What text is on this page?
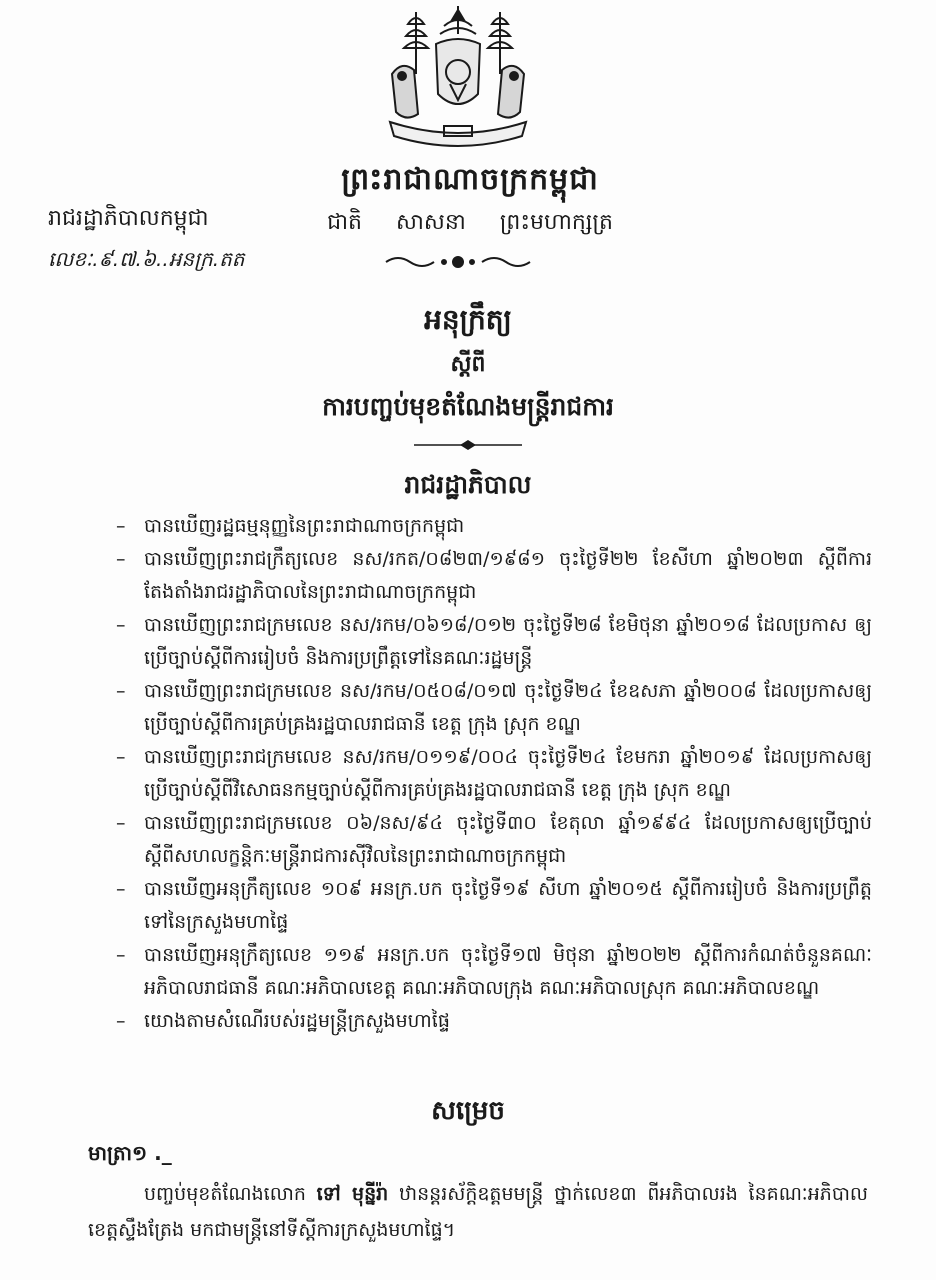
ព្រះរាជាណាចក្រកម្ពុជា
ជាតិ សាសនា ព្រះមហាក្សត្រ
រាជរដ្ឋាភិបាលកម្ពុជា
លេខៈ.៩.៧.៦..អនក្រ.តត
អនុក្រឹត្យ
ស្តីពី
ការបញ្ចប់មុខតំណែងមន្ត្រីរាជការ
រាជរដ្ឋាភិបាល
– បានឃើញរដ្ឋធម្មនុញ្ញនៃព្រះរាជាណាចក្រកម្ពុជា
– បានឃើញព្រះរាជក្រឹត្យលេខ នស/រកត/០៨២៣/១៩៨១ ចុះថ្ងៃទី២២ ខែសីហា ឆ្នាំ២០២៣ ស្តីពីការតែងតាំងរាជរដ្ឋាភិបាលនៃព្រះរាជាណាចក្រកម្ពុជា
– បានឃើញព្រះរាជក្រមលេខ នស/រកម/០៦១៨/០១២ ចុះថ្ងៃទី២៨ ខែមិថុនា ឆ្នាំ២០១៨ ដែលប្រកាស ឲ្យប្រើច្បាប់ស្តីពីការរៀបចំ និងការប្រព្រឹត្តទៅនៃគណៈរដ្ឋមន្ត្រី
– បានឃើញព្រះរាជក្រមលេខ នស/រកម/០៥០៨/០១៧ ចុះថ្ងៃទី២៤ ខែឧសភា ឆ្នាំ២០០៨ ដែលប្រកាសឲ្យប្រើច្បាប់ស្តីពីការគ្រប់គ្រងរដ្ឋបាលរាជធានី ខេត្ត ក្រុង ស្រុក ខណ្ឌ
– បានឃើញព្រះរាជក្រមលេខ នស/រកម/០១១៩/០០៤ ចុះថ្ងៃទី២៤ ខែមករា ឆ្នាំ២០១៩ ដែលប្រកាសឲ្យប្រើច្បាប់ស្តីពីវិសោធនកម្មច្បាប់ស្តីពីការគ្រប់គ្រងរដ្ឋបាលរាជធានី ខេត្ត ក្រុង ស្រុក ខណ្ឌ
– បានឃើញព្រះរាជក្រមលេខ ០៦/នស/៩៤ ចុះថ្ងៃទី៣០ ខែតុលា ឆ្នាំ១៩៩៤ ដែលប្រកាសឲ្យប្រើច្បាប់ស្តីពីសហលក្ខន្តិកៈមន្ត្រីរាជការស៊ីវិលនៃព្រះរាជាណាចក្រកម្ពុជា
– បានឃើញអនុក្រឹត្យលេខ ១០៩ អនក្រ.បក ចុះថ្ងៃទី១៩ សីហា ឆ្នាំ២០១៥ ស្តីពីការរៀបចំ និងការប្រព្រឹត្ត ទៅនៃក្រសួងមហាផ្ទៃ
– បានឃើញអនុក្រឹត្យលេខ ១១៩ អនក្រ.បក ចុះថ្ងៃទី១៧ មិថុនា ឆ្នាំ២០២២ ស្តីពីការកំណត់ចំនួនគណៈអភិបាលរាជធានី គណៈអភិបាលខេត្ត គណៈអភិបាលក្រុង គណៈអភិបាលស្រុក គណៈអភិបាលខណ្ឌ
– យោងតាមសំណើរបស់រដ្ឋមន្ត្រីក្រសួងមហាផ្ទៃ
សម្រេច
មាត្រា១ ._
បញ្ចប់មុខតំណែងលោក ទៅ មុន្នីរ៉ា ឋានន្តរស័ក្តិឧត្តមមន្ត្រី ថ្នាក់លេខ៣ ពីអភិបាលរង នៃគណៈអភិបាលខេត្តស្ទឹងត្រែង មកជាមន្ត្រីនៅទីស្តីការក្រសួងមហាផ្ទៃ។
